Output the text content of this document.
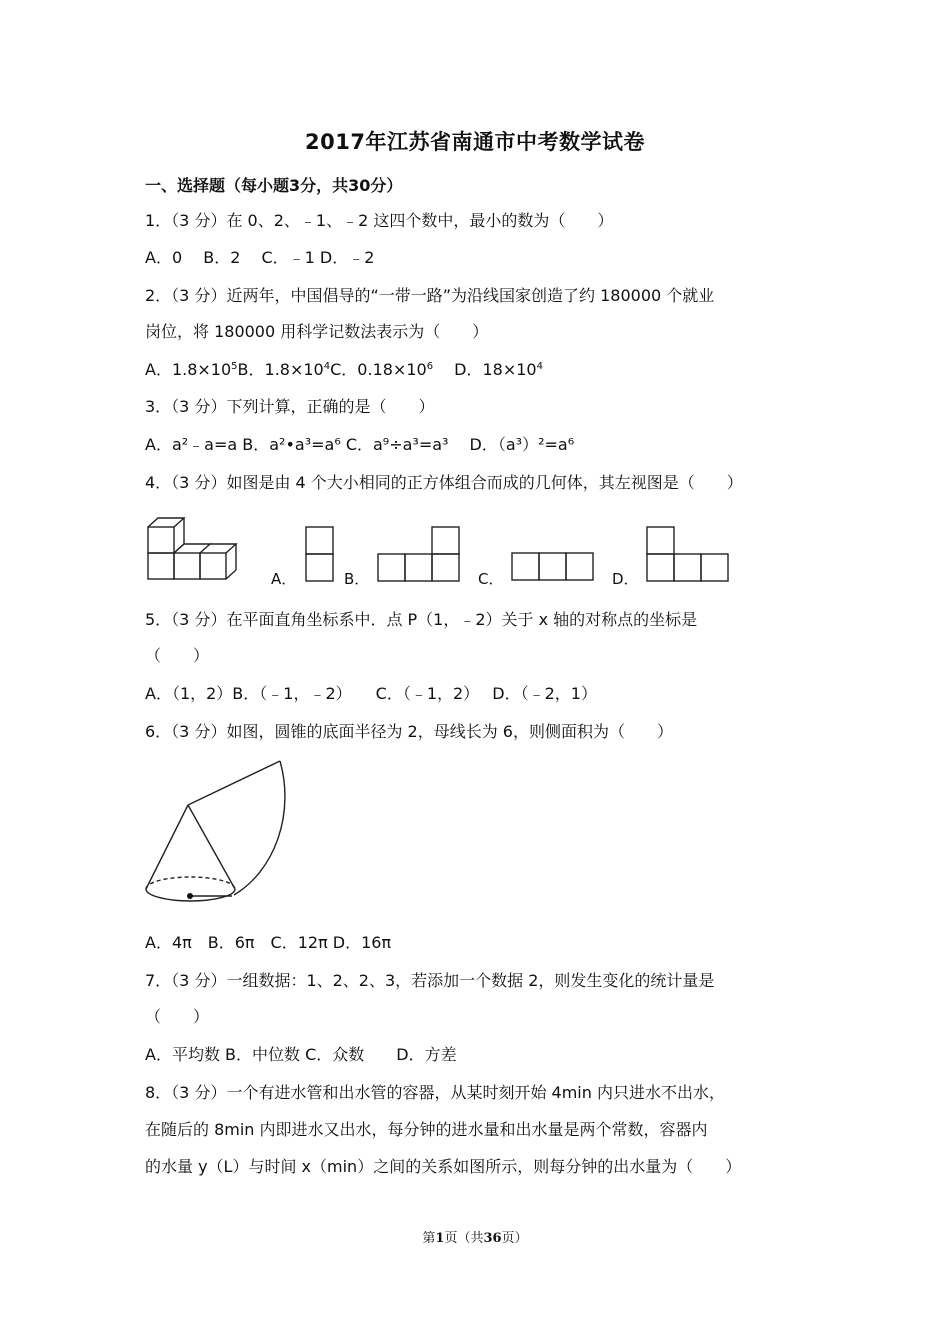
2017年江苏省南通市中考数学试卷
一、选择题（每小题3分，共30分）
1．（3 分）在 0、2、﹣1、﹣2 这四个数中，最小的数为（　　）
A．0　 B．2　 C．﹣1 D．﹣2
2．（3 分）近两年，中国倡导的“一带一路”为沿线国家创造了约 180000 个就业
岗位，将 180000 用科学记数法表示为（　　）
A．$1.8\times 10^5B$．$1.8\times 10^4C$．$0.18\times 10^6$　 D．$18\times 10^4$
3．（3 分）下列计算，正确的是（　　）
A．a²﹣a=a B．a²•a³=a⁶ C．a⁹÷a³=a³　 D．（a³）²=a⁶
4．（3 分）如图是由 4 个大小相同的正方体组合而成的几何体，其左视图是（　　）
A．	B．	C．	D．
5．（3 分）在平面直角坐标系中．点 P（1，﹣2）关于 x 轴的对称点的坐标是
（　　）
A．（1，2）B．（﹣1，﹣2）　　C．（﹣1，2）　 D．（﹣2，1）
6．（3 分）如图，圆锥的底面半径为 2，母线长为 6，则侧面积为（　　）
A．4π　B．6π　C．12π D．16π
7．（3 分）一组数据：1、2、2、3，若添加一个数据 2，则发生变化的统计量是
（　　）
A．平均数 B．中位数 C．众数　　D．方差
8．（3 分）一个有进水管和出水管的容器，从某时刻开始 4min 内只进水不出水，
在随后的 8min 内即进水又出水，每分钟的进水量和出水量是两个常数，容器内
的水量 y（L）与时间 x（min）之间的关系如图所示，则每分钟的出水量为（　　）
第1页（共36页）
